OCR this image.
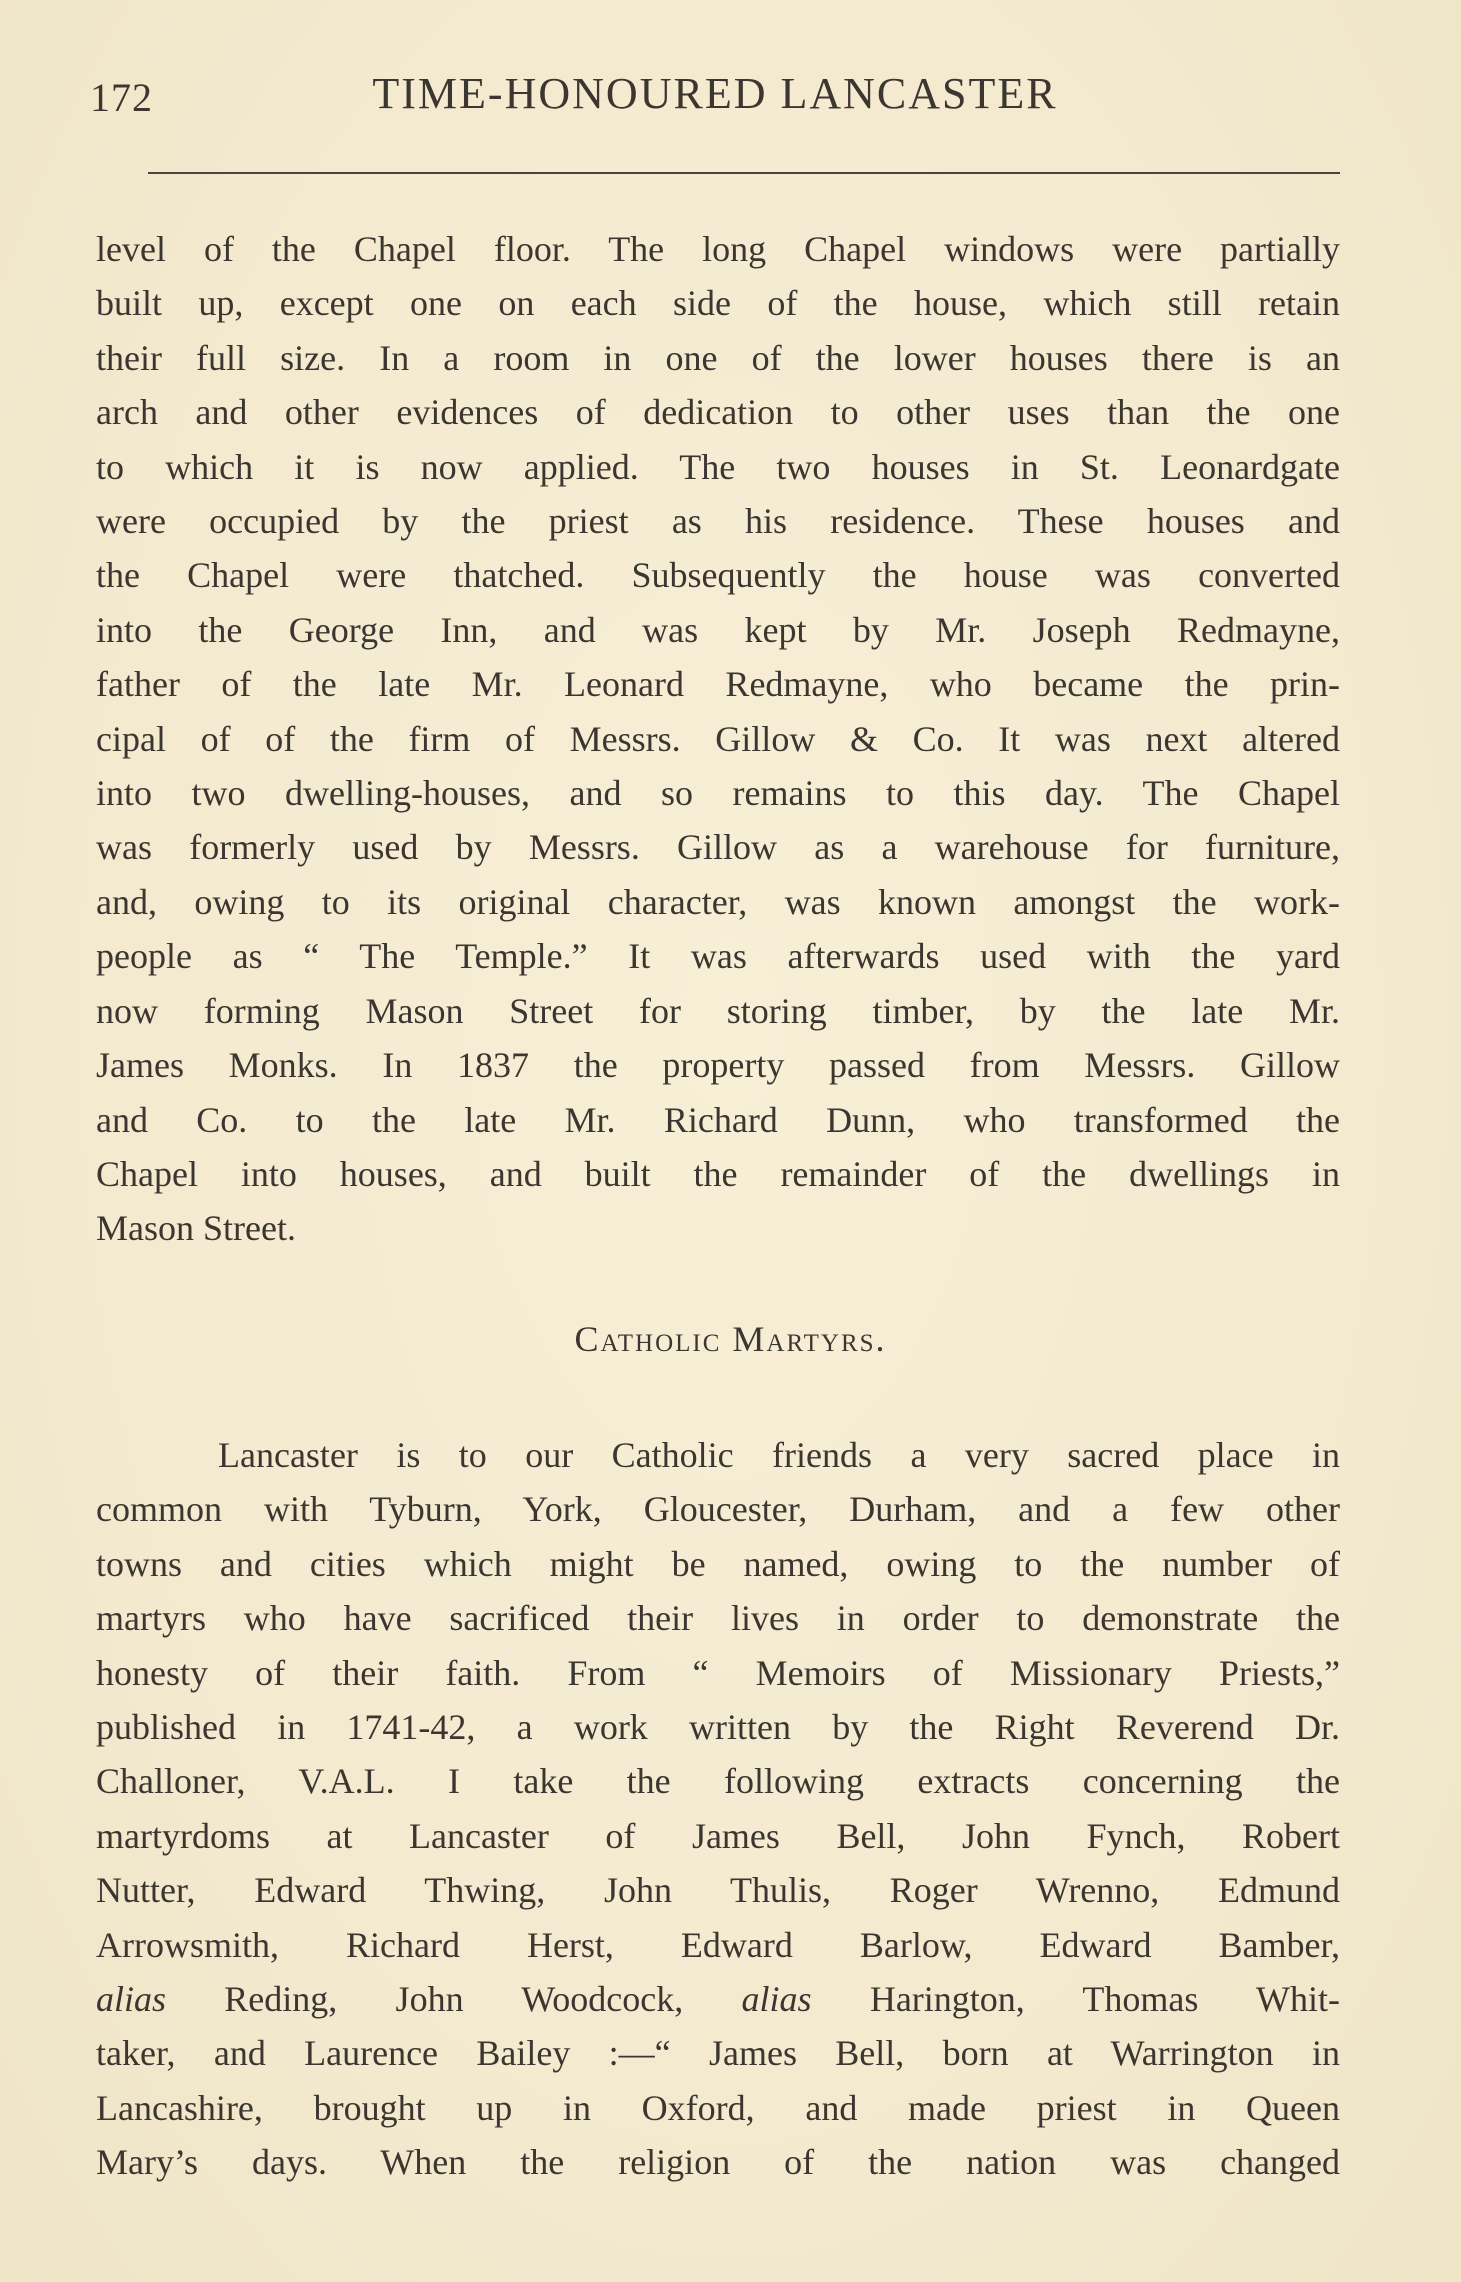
172	TIME-HONOURED LANCASTER
level of the Chapel floor. The long Chapel windows were partially
built up, except one on each side of the house, which still retain
their full size. In a room in one of the lower houses there is an
arch and other evidences of dedication to other uses than the one
to which it is now applied. The two houses in St. Leonardgate
were occupied by the priest as his residence. These houses and
the Chapel were thatched. Subsequently the house was converted
into the George Inn, and was kept by Mr. Joseph Redmayne,
father of the late Mr. Leonard Redmayne, who became the prin-
cipal of of the firm of Messrs. Gillow & Co. It was next altered
into two dwelling-houses, and so remains to this day. The Chapel
was formerly used by Messrs. Gillow as a warehouse for furniture,
and, owing to its original character, was known amongst the work-
people as “ The Temple.” It was afterwards used with the yard
now forming Mason Street for storing timber, by the late Mr.
James Monks. In 1837 the property passed from Messrs. Gillow
and Co. to the late Mr. Richard Dunn, who transformed the
Chapel into houses, and built the remainder of the dwellings in
Mason Street.
Catholic Martyrs.
Lancaster is to our Catholic friends a very sacred place in
common with Tyburn, York, Gloucester, Durham, and a few other
towns and cities which might be named, owing to the number of
martyrs who have sacrificed their lives in order to demonstrate the
honesty of their faith. From “ Memoirs of Missionary Priests,”
published in 1741-42, a work written by the Right Reverend Dr.
Challoner, V.A.L. I take the following extracts concerning the
martyrdoms at Lancaster of James Bell, John Fynch, Robert
Nutter, Edward Thwing, John Thulis, Roger Wrenno, Edmund
Arrowsmith, Richard Herst, Edward Barlow, Edward Bamber,
alias Reding, John Woodcock, alias Harington, Thomas Whit-
taker, and Laurence Bailey :—“ James Bell, born at Warrington in
Lancashire, brought up in Oxford, and made priest in Queen
Mary’s days. When the religion of the nation was changed
